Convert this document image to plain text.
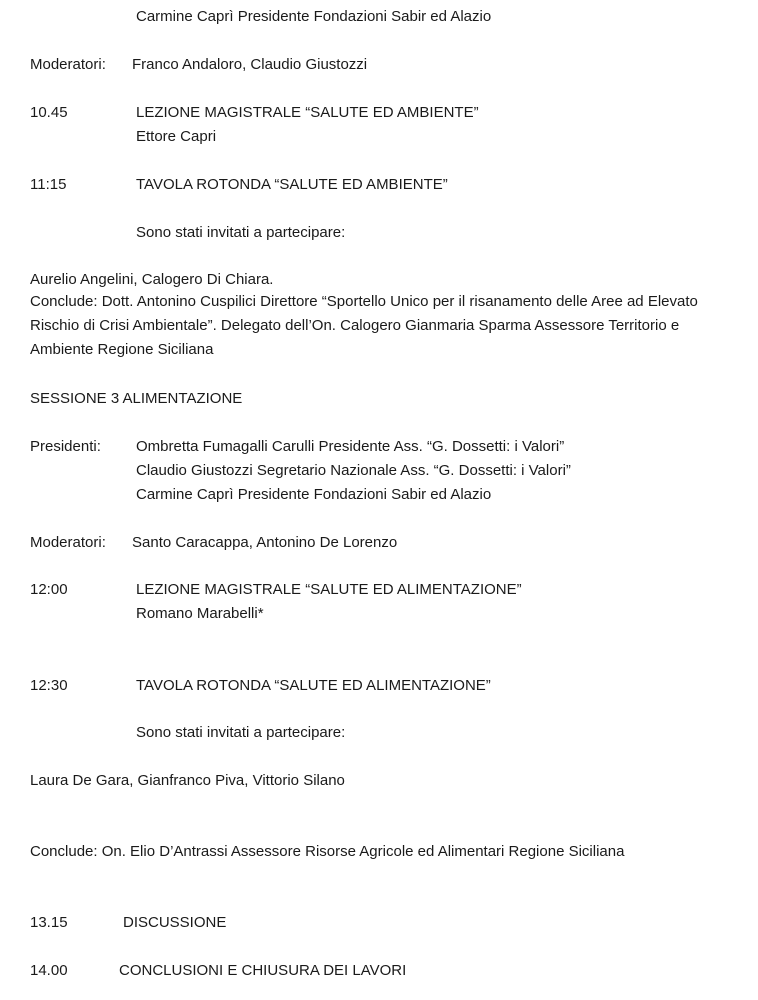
Carmine Caprì Presidente Fondazioni Sabir ed Alazio
Moderatori: Franco Andaloro, Claudio Giustozzi
10.45	LEZIONE MAGISTRALE “SALUTE ED AMBIENTE”
Ettore Capri
11:15	TAVOLA ROTONDA “SALUTE ED AMBIENTE”
Sono stati invitati a partecipare:
Aurelio Angelini, Calogero Di Chiara.
Conclude: Dott. Antonino Cuspilici Direttore “Sportello Unico per il risanamento delle Aree ad Elevato Rischio di Crisi Ambientale”. Delegato dell’On. Calogero Gianmaria Sparma Assessore Territorio e Ambiente Regione Siciliana
SESSIONE 3 ALIMENTAZIONE
Presidenti: Ombretta Fumagalli Carulli Presidente Ass. “G. Dossetti: i Valori”
Claudio Giustozzi Segretario Nazionale Ass. “G. Dossetti: i Valori”
Carmine Caprì Presidente Fondazioni Sabir ed Alazio
Moderatori: Santo Caracappa, Antonino De Lorenzo
12:00	LEZIONE MAGISTRALE “SALUTE ED ALIMENTAZIONE”
Romano Marabelli*
12:30	TAVOLA ROTONDA “SALUTE ED ALIMENTAZIONE”
Sono stati invitati a partecipare:
Laura De Gara, Gianfranco Piva, Vittorio Silano
Conclude: On. Elio D’Antrassi Assessore Risorse Agricole ed Alimentari Regione Siciliana
13.15	DISCUSSIONE
14.00	CONCLUSIONI E CHIUSURA DEI LAVORI
